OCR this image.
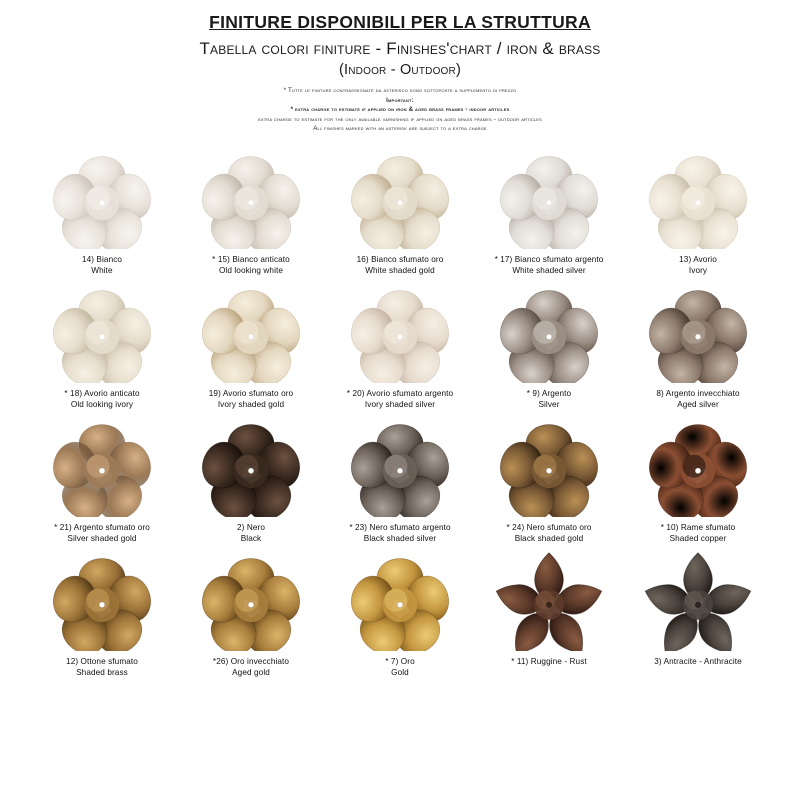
FINITURE DISPONIBILI PER LA STRUTTURA
Tabella colori finiture - Finishes'chart / iron & brass
(Indoor - Outdoor)
* Tutte le finiture contrassegnate da asterisco sono sottoposte a supplemento di prezzo
Important:
* extra charge to estimate if applied on iron & aged brass frames - indoor articles
extra charge to estimate for the only available varnishing if applied on aged brass frames - outdoor articles
All finishes marked with an asterisk are subject to a extra charge
14) Bianco
White
* 15) Bianco anticato
Old looking white
16) Bianco sfumato oro
White shaded gold
* 17) Bianco sfumato argento
White shaded silver
13) Avorio
Ivory
* 18) Avorio anticato
Old looking ivory
19) Avorio sfumato oro
Ivory shaded gold
* 20) Avorio sfumato argento
Ivory shaded silver
* 9) Argento
Silver
8) Argento invecchiato
Aged silver
* 21) Argento sfumato oro
Silver shaded gold
2) Nero
Black
* 23) Nero sfumato argento
Black shaded silver
* 24) Nero sfumato oro
Black shaded gold
* 10) Rame sfumato
Shaded copper
12) Ottone sfumato
Shaded brass
*26) Oro invecchiato
Aged gold
* 7) Oro
Gold
* 11) Ruggine - Rust	3) Antracite - Anthracite
